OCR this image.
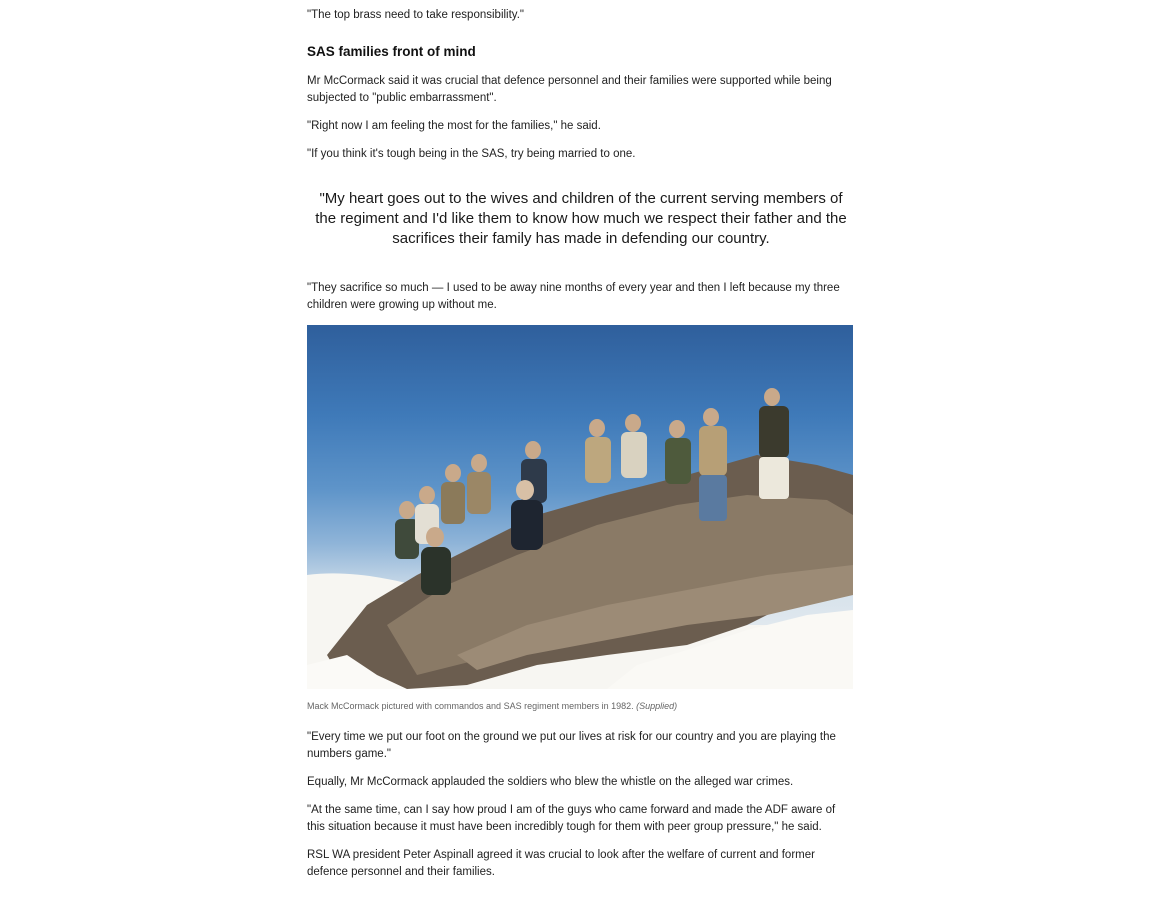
"The top brass need to take responsibility."

SAS families front of mind

Mr McCormack said it was crucial that defence personnel and their families were supported while being subjected to "public embarrassment".

"Right now I am feeling the most for the families," he said.

"If you think it's tough being in the SAS, try being married to one.

"My heart goes out to the wives and children of the current serving members of the regiment and I'd like them to know how much we respect their father and the sacrifices their family has made in defending our country.

"They sacrifice so much — I used to be away nine months of every year and then I left because my three children were growing up without me.

Mack McCormack pictured with commandos and SAS regiment members in 1982. (Supplied)

"Every time we put our foot on the ground we put our lives at risk for our country and you are playing the numbers game."

Equally, Mr McCormack applauded the soldiers who blew the whistle on the alleged war crimes.

"At the same time, can I say how proud I am of the guys who came forward and made the ADF aware of this situation because it must have been incredibly tough for them with peer group pressure," he said.

RSL WA president Peter Aspinall agreed it was crucial to look after the welfare of current and former defence personnel and their families.
